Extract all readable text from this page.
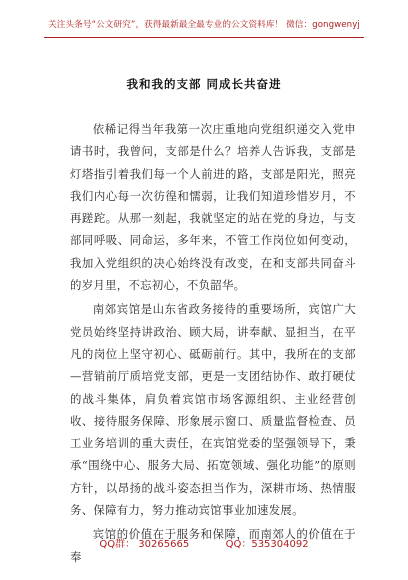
关注头条号“公文研究”，获得最新最全最专业的公文资料库！ 微信：gongwenyj
我和我的支部 同成长共奋进

依稀记得当年我第一次庄重地向党组织递交入党申请书时，我曾问，支部是什么？培养人告诉我，支部是灯塔指引着我们每一个人前进的路，支部是阳光，照亮我们内心每一次彷徨和懦弱，让我们知道珍惜岁月，不再蹉跎。从那一刻起，我就坚定的站在党的身边，与支部同呼吸、同命运，多年来，不管工作岗位如何变动，我加入党组织的决心始终没有改变，在和支部共同奋斗的岁月里，不忘初心，不负韶华。

南郊宾馆是山东省政务接待的重要场所，宾馆广大党员始终坚持讲政治、顾大局，讲奉献、显担当，在平凡的岗位上坚守初心、砥砺前行。其中，我所在的支部—营销前厅质培党支部，更是一支团结协作、敢打硬仗的战斗集体，肩负着宾馆市场客源组织、主业经营创收、接待服务保障、形象展示窗口、质量监督检查、员工业务培训的重大责任，在宾馆党委的坚强领导下，秉承“围绕中心、服务大局、拓宽领域、强化功能”的原则方针，以昂扬的战斗姿态担当作为，深耕市场、热情服务、保障有力，努力推动宾馆事业加速发展。

宾馆的价值在于服务和保障，而南郊人的价值在于奉

QQ群： 30265665	QQ：535304092
